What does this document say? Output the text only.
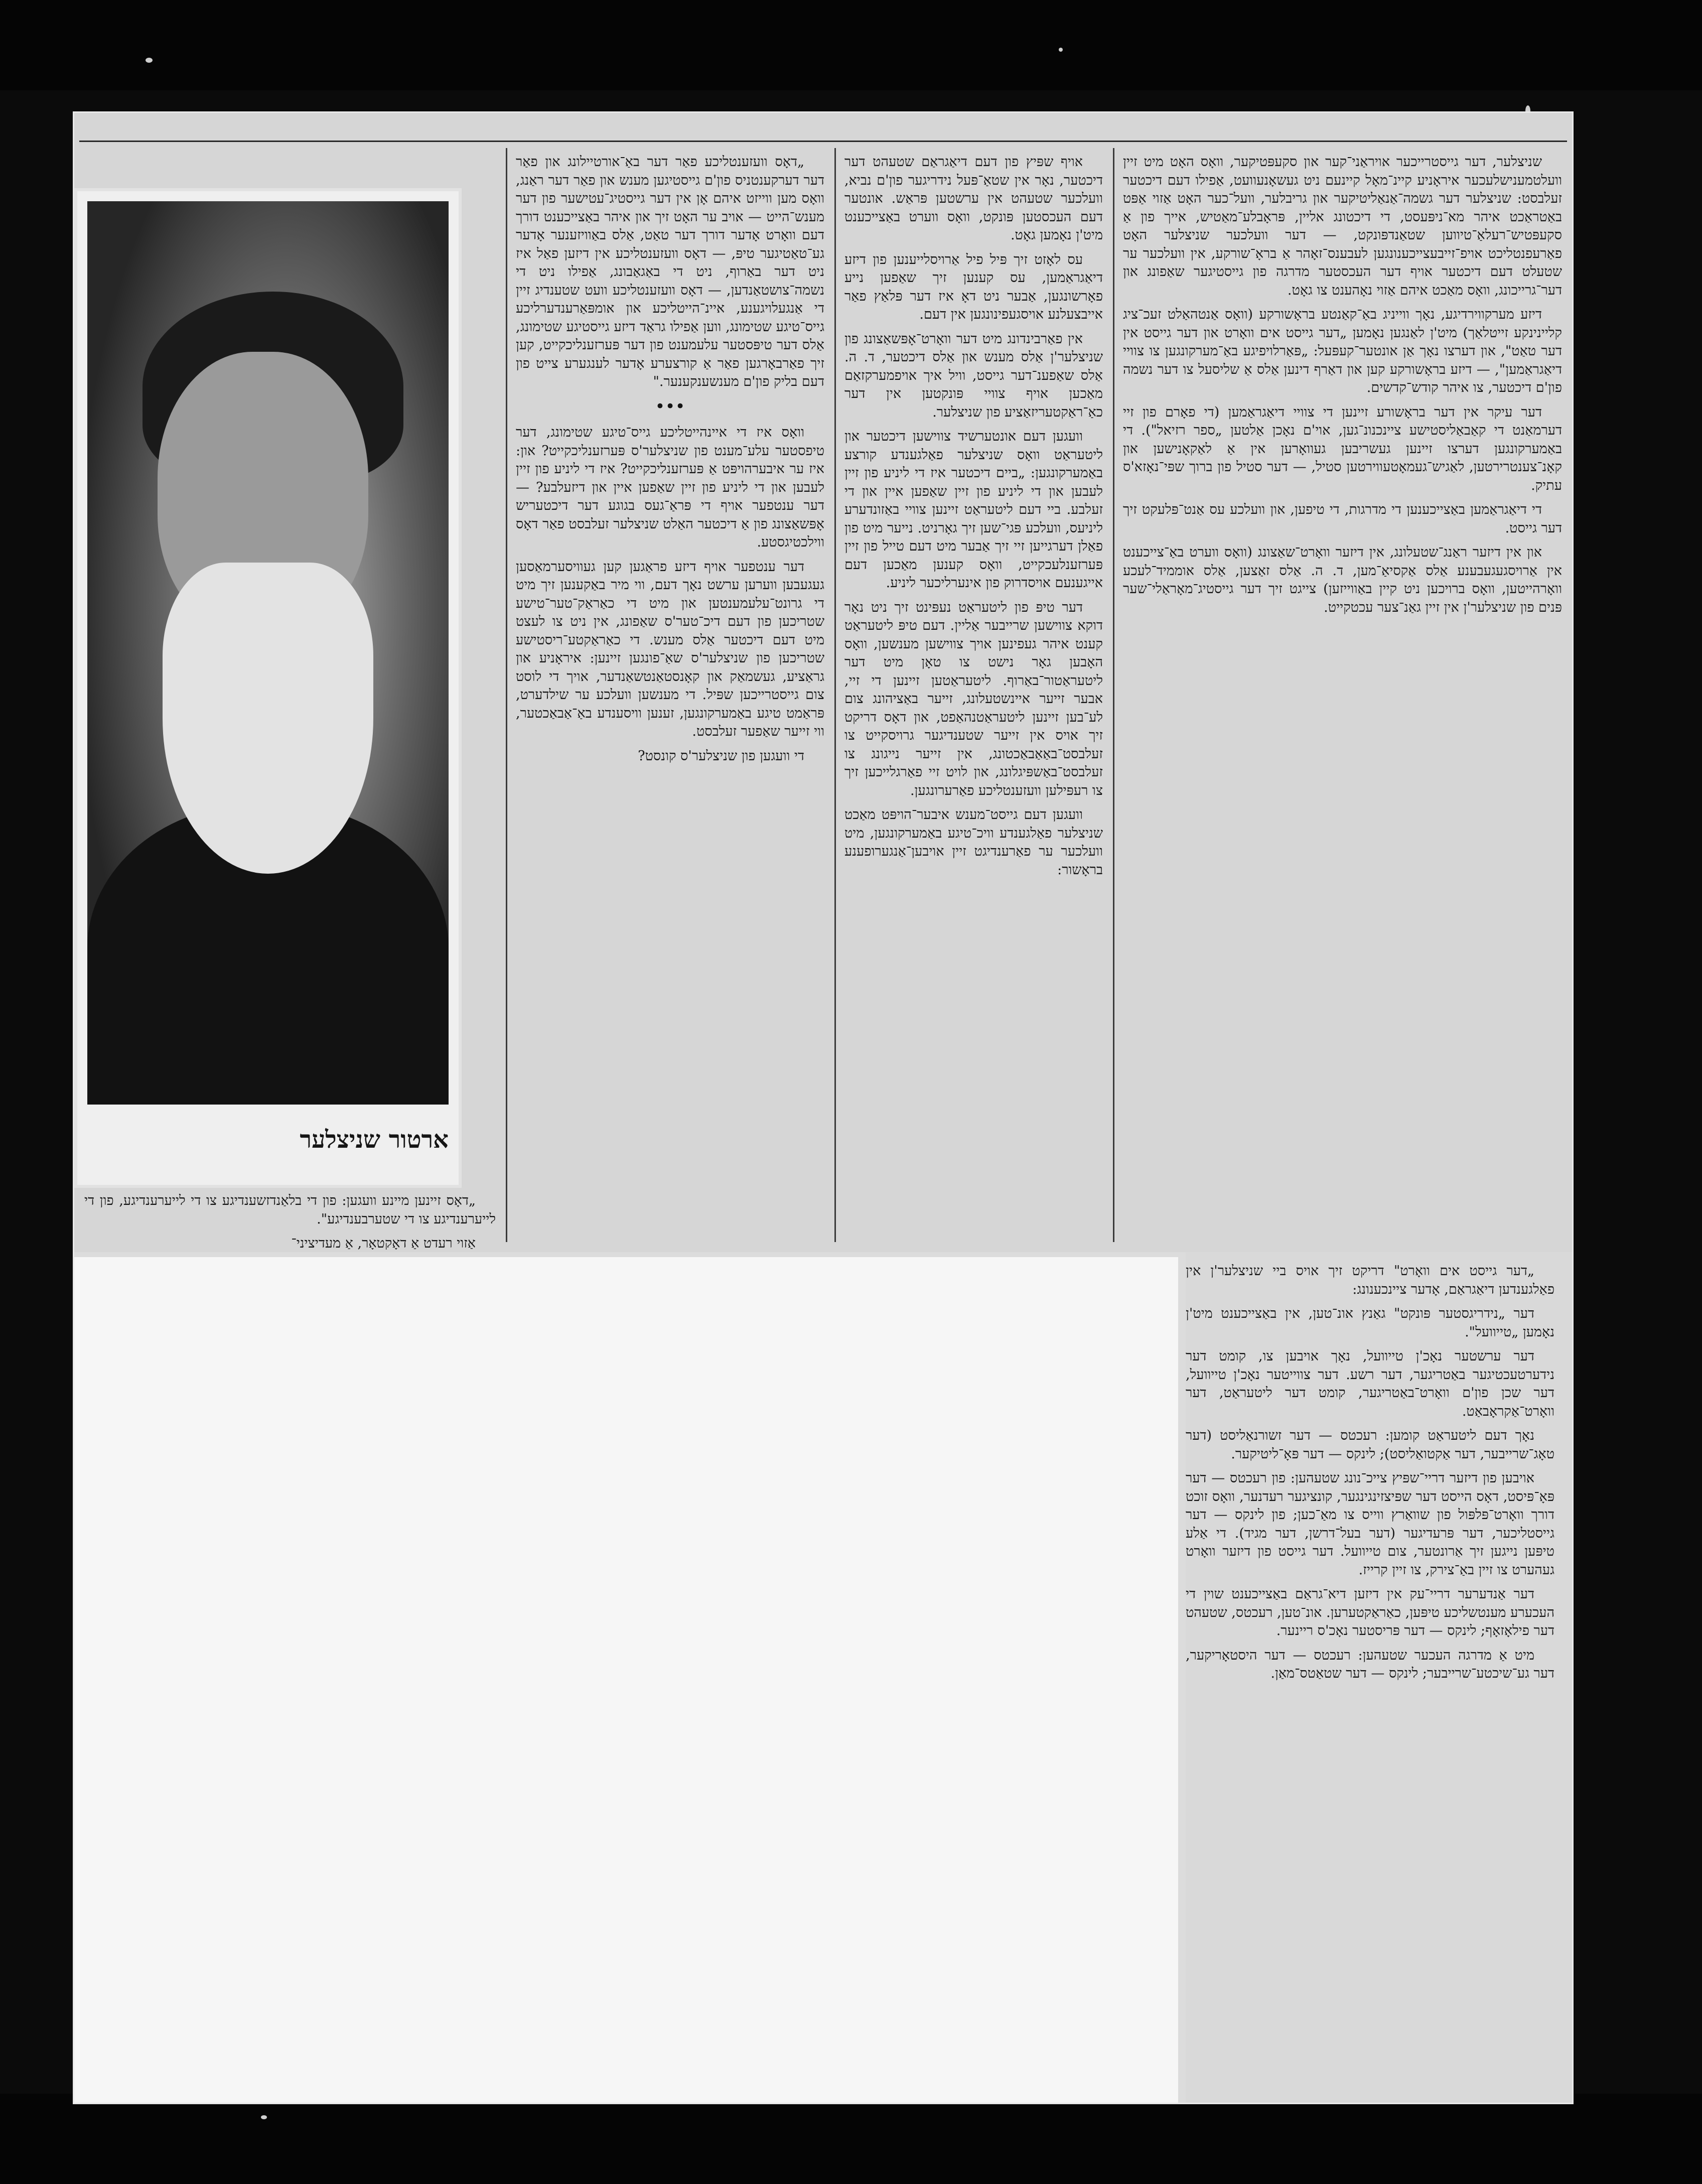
שניצלער, דער גייסטרייכער אויראַני־קער און סקעפּטיקער, וואָס האָט מיט זיין וועלטמענישלעכער איראָניע קיינ־מאָל קיינעם ניט געשאָנעוועט, אַפילו דעם דיכטער זעלבסט: שניצלער דער גשמה־אַנאַליטיקער און גריבלער, וועל־כער האָט אַזוי אַפּט באַטראַכט איהר מא־ניפּעסט, די דיכטונג אליין, פּראָבלע־מאַטיש, אייך פון אַ סקעפּטיש־רעלאַ־טיווען שטאַנדפּונקט, — דער וועלכער שניצלער האָט פאַרעפנטליכט אויפ־זייבעצייכענונגען לעבענס־זאָהר אַ בראָ־שורקע, אין וועלכער ער שטעלט דעם דיכטער אויף דער העכסטער מדרגה פון גייסטיגער שאַפונג און דער־גרייכונג, וואָס מאַכט איהם אַזוי נאָהענט צו גאָט.

דיזע מערקווירדיגע, נאָך ווייניג באַ־קאַנטע בראָשורקע (וואָס אַנטהאַלט זעכ־ציג קליינינקע זייטלאַך) מיט'ן לאַנגען נאָמען „דער גייסט אים וואָרט און דער גייסט אין דער טאַט", און דערצו נאָך אַן אונטער־קעפּעל: „פּאַרלויפיגע באַ־מערקונגען צו צוויי דיאַגראַמען", — דיזע בראָשורקע קען און דאַרף דינען אַלס אַ שליסעל צו דער נשמה פון'ם דיכטער, צו איהר קודש־קדשים.

דער עיקר אין דער בראָשורע זיינען די צוויי דיאַגראַמען (די פאָרם פון זיי דערמאַנט די קאַבאַליסטישע ציינכנונ־גען, אוי'ם נאָכן אַלטען „ספר רזיאל"). די באַמערקונגען דערצו זיינען געשריבען געוואָרען אין אַ לאַקאָנישען און קאָנ־צענטרירטען, לאַגיש־געמאָטעווירטען סטיל, — דער סטיל פון ברוך שפּי־נאָזא'ס עתיק.

די דיאַגראַמען באַצייכענען די מדרגות, די טיפען, און וועלכע עס אַנט־פּלעקט זיך דער גייסט.

און אין דיזער ראַנג־שטעלונג, אין דיזער וואָרט־שאַצונג (וואָס ווערט באַ־צייכענט אין אַרויסגעגעבענע אַלס אַקסיאַ־מען, ד. ה. אַלס זאַצען, אַלס אוממיד־לעכע וואָרהייטען, וואָס ברויכען ניט קיין באַווייזען) צייגט זיך דער גייסטיג־מאָראַלי־שער פּנים פון שניצלער'ן אין זיין גאַנ־צער עכטקייט.

אויף שפּיץ פון דעם דיאַגראַם שטעהט דער דיכטער, נאָר אין שטאַ־פּעל נידריגער פון'ם נביא, וועלכער שטעהט אין ערשטען פּראַש. אונטער דעם העכסטען פּונקט, וואָס ווערט באַצייכענט מיט'ן נאָמען גאָט.

עס לאָזט זיך פּיל פיל אַרויסלייענען פון דיזע דיאַגראַמען, עס קענען זיך שאַפען נייע פאָרשונגען, אַבער ניט דאָ איז דער פּלאַץ פאַר אייבצעלנע אויסגעפינונגען אין דעם.

אין פאַרבינדונג מיט דער וואָרט־אָפּשאַצונג פון שניצלער'ן אַלס מענש און אַלס דיכטער, ד. ה. אַלס שאַפענ־דער גייסט, וויל איך אויפמערקזאַם מאַכען אויף צוויי פּונקטען אין דער כאַ־ראַקטעריזאַציע פון שניצלער.

וועגען דעם אונטערשיד צווישען דיכטער און ליטעראַט וואָס שניצלער פאַלגענדע קורצע באַמערקונגען: „ביים דיכטער איז די ליניע פון זיין לעבען און די ליניע פון זיין שאַפען איין און די זעלבע. ביי דעם ליטעראַט זיינען צוויי באַזונדערע ליניעס, וועלכע פּגי־שען זיך גאָרניט. נייער מיט פון פאַלן דערגייען זיי זיך אַבער מיט דעם טייל פון זיין פּערזענלעכקייט, וואָס קענען מאַכען דעם אייגענעם אויסדרוק פון אינערליכער ליניע.

דער טיפּ פון ליטעראַט נעפּינט זיך ניט נאָר דוקא צווישען שרייבער אַליין. דעם טיפּ ליטעראַט קענט איהר געפינען אויך צווישען מענשען, וואָס האָבען גאָר נישט צו טאָן מיט דער ליטעראַטור־באַרוף. ליטעראַטען זיינען די זיי, אבער זייער איינשטעלונג, זייער באַציהונג צום לע־בען זיינען ליטעראַטנהאַפט, און דאָס דריקט זיך אויס אין זייער שטענדיגער גרויסקייט צו זעלבסט־באַאַבאַכטונג, אין זייער נייגונג צו זעלבסט־באַשפּיגלונג, און לויט זיי פאַרגלייכען זיך צו רעפּילען וועזענטליכע פאַרערונגען.

וועגען דעם גייסט־מענש איבער־הויפּט מאַכט שניצלער פאַלגענדע וויכ־טיגע באַמערקונגען, מיט וועלכער ער פאַרענדיגט זיין אויבען־אַנגערופענע בראָשור:

„דאָס וועזענטליכע פאַר דער באַ־אורטיילונג און פאַר דער דערקענטניס פון'ם גייסטיגען מענש און פאַר דער ראַנג, וואָס מען ווייזט איהם אָן אין דער גייסטיג־עטישער פון דער מענש־הייט — אויב ער האָט זיך און איהר באַצייכענט דורך דעם וואָרט אָדער דורך דער טאַט, אַלס באַוויזענער אָדער גע־טאַטיגער טיפּ, — דאָס וועזענטליכע אין דיזען פאַל איז ניט דער באַרוף, ניט די באַגאַבונג, אַפילו ניט די נשמה־צושטאַנדען, — דאָס וועזענטליכע וועט שטענדיג זיין די אַנגעלויגענע, איינ־הייטליכע און אומפּאַרענדערליכע גייס־טיגע שטימונג, ווען אַפילו גראַד דיזע גייסטיגע שטימונג, אַלס דער טיפּסטער עלעמענט פון דער פּערזענליכקייט, קען זיך פאַרבאָרגען פאַר אַ קורצערע אָדער לענגערע צייט פון דעם בליק פון'ם מענשענקענער."

•••

וואָס איז די איינהייטליכע גייס־טיגע שטימונג, דער טיפסטער עלע־מענט פון שניצלער'ס פּערזענליכקייט? און: איז ער איבערהויפּט אַ פּערזענליכקייט? איז די ליניע פון זיין לעבען און די ליניע פון זיין שאַפען איין און דיזעלבע? — דער ענטפער אויף די פּראַ־געס בגוגע דער דיכטעריש אָפּשאַצונג פון אַ דיכטער האַלט שניצלער זעלבסט פאַר דאָס ווילכטיגסטע.

דער ענטפער אויף דיזע פראַגען קען געוויסערמאַסען געגעבען ווערען ערשט נאָך דעם, ווי מיר באַקענען זיך מיט די גרונט־עלעמענטען און מיט די כאַראַק־טער־טישע שטריכען פון דעם דיכ־טער'ס שאַפונג, אין ניט צו לעצט מיט דעם דיכטער אַלס מענש. די כאַראַקטע־ריסטישע שטריכען פון שניצלער'ס שאַ־פונגען זיינען: איראָניע און גראַציע, געשמאַק און קאָנסטאַנטשאַנדער, אויך די לוסט צום גייסטרייכען שפּיל. די מענשען וועלכע ער שילדערט, פּראַמט טיגע באַמערקונגען, זענען וויסענדע באַ־אַבאַכטער, ווי זייער שאַפער זעלבסט.

די וועגען פון שניצלער'ס קונסט?

ארטור שניצלער

„דאָס זיינען מיינע וועגען: פון די בלאַנדזשענדיגע צו די לייערענדיגע, פון די לייערענדיגע צו די שטערבענדיגע".

אַזוי רעדט אַ דאָקטאָר, אַ מעדיציני־

„דער גייסט אים וואָרט" דריקט זיך אויס ביי שניצלער'ן אין פאַלגענדען דיאַגראַם, אָדער ציינכענונג:

דער „נידריגסטער פּונקט" גאַנץ אונ־טען, אין באַצייכענט מיט'ן נאָמען „טייוועל".

דער ערשטער נאָכ'ן טייוועל, נאָך אויבען צו, קומט דער נידערטעכטיגער באַטריגער, דער רשע. דער צווייטער נאָכ'ן טייוועל, דער שכן פון'ם וואָרט־באַטריגער, קומט דער ליטעראַט, דער וואָרט־אַקראָבאַט.

נאָך דעם ליטעראַט קומען: רעכטס — דער זשורנאַליסט (דער טאָג־שרייבער, דער אַקטואַליסט); לינקס — דער פּאָ־ליטיקער.

אויבען פון דיזער דריי־שפּיץ צייכ־נונג שטעהען: פון רעכטס — דער פּאָ־פּיסט, דאָס הייסט דער שפּיצזינגינגער, קונציגער רעדנער, וואָס זוכט דורך וואָרט־פּלפּול פון שוואַרץ ווייס צו מאַ־כען; פון לינקס — דער גייסטליכער, דער פּרעדיגער (דער בעל־דרשן, דער מגיד). די אַלע טיפּען נייגען זיך אַרונטער, צום טייוועל. דער גייסט פון דיזער וואָרט געהערט צו זיין באַ־צירק, צו זיין קרייז.

דער אַנדערער דריי־עק אין דיזען דיא־גראַם באַצייכענט שוין די העכערע מענטשליכע טיפּען, כאַראַקטערען. אונ־טען, רעכטס, שטעהט דער פילאָזאָף; לינקס — דער פּריסטער נאָכ'ס ריינער.

מיט אַ מדרגה העכער שטעהען: רעכטס — דער היסטאָריקער, דער גע־שיכטע־שרייבער; לינקס — דער שטאַטס־מאַן.
